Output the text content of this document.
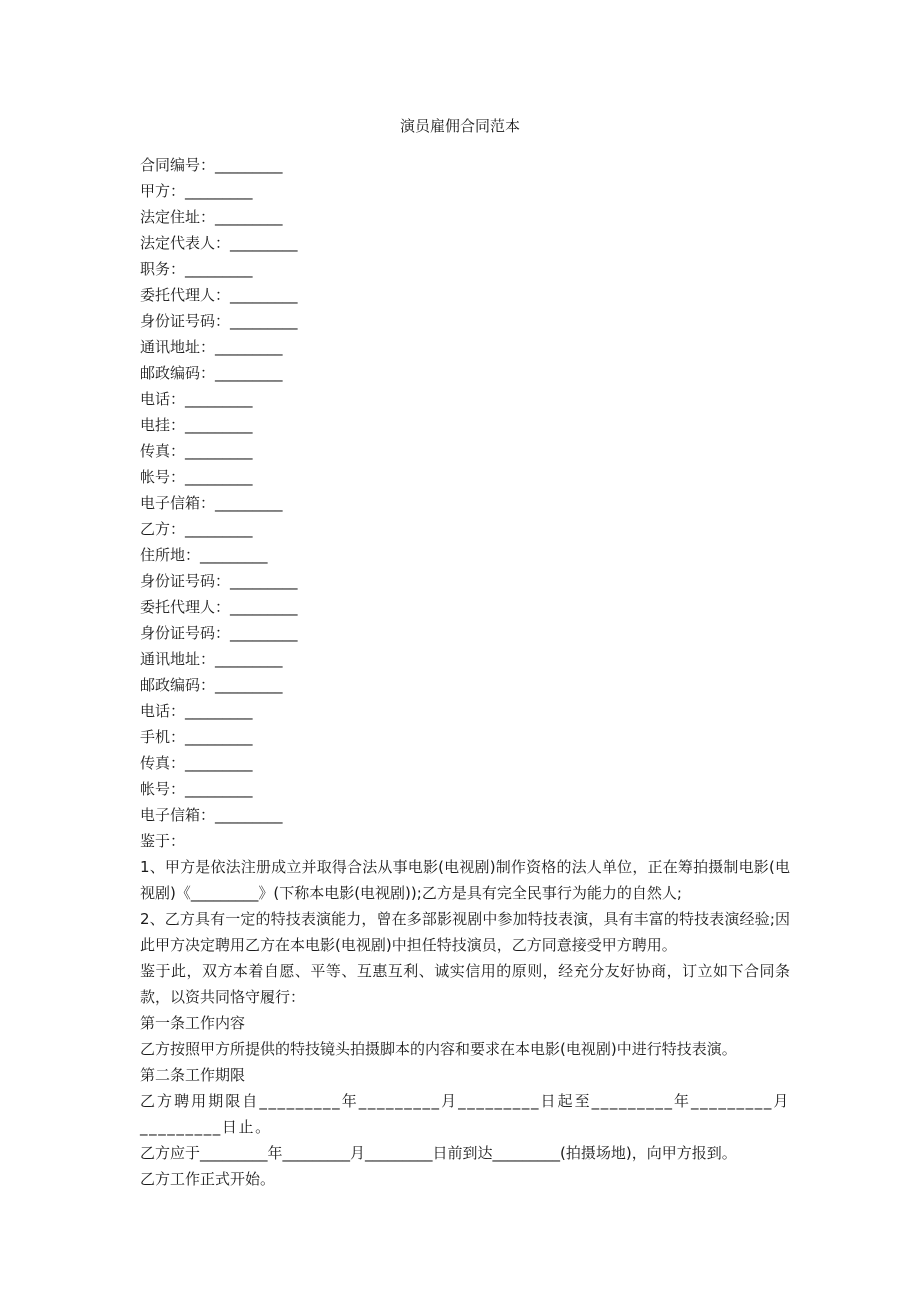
演员雇佣合同范本
合同编号：_________
甲方：_________
法定住址：_________
法定代表人：_________
职务：_________
委托代理人：_________
身份证号码：_________
通讯地址：_________
邮政编码：_________
电话：_________
电挂：_________
传真：_________
帐号：_________
电子信箱：_________
乙方：_________
住所地：_________
身份证号码：_________
委托代理人：_________
身份证号码：_________
通讯地址：_________
邮政编码：_________
电话：_________
手机：_________
传真：_________
帐号：_________
电子信箱：_________
鉴于：
1、甲方是依法注册成立并取得合法从事电影(电视剧)制作资格的法人单位，正在筹拍摄制电影(电视剧)《_________》(下称本电影(电视剧));乙方是具有完全民事行为能力的自然人;
2、乙方具有一定的特技表演能力，曾在多部影视剧中参加特技表演，具有丰富的特技表演经验;因此甲方决定聘用乙方在本电影(电视剧)中担任特技演员，乙方同意接受甲方聘用。
鉴于此，双方本着自愿、平等、互惠互利、诚实信用的原则，经充分友好协商，订立如下合同条款，以资共同恪守履行：
第一条工作内容
乙方按照甲方所提供的特技镜头拍摄脚本的内容和要求在本电影(电视剧)中进行特技表演。
第二条工作期限
乙方聘用期限自_________年_________月_________日起至_________年_________月_________日止。
乙方应于_________年_________月_________日前到达_________(拍摄场地)，向甲方报到。
乙方工作正式开始。
